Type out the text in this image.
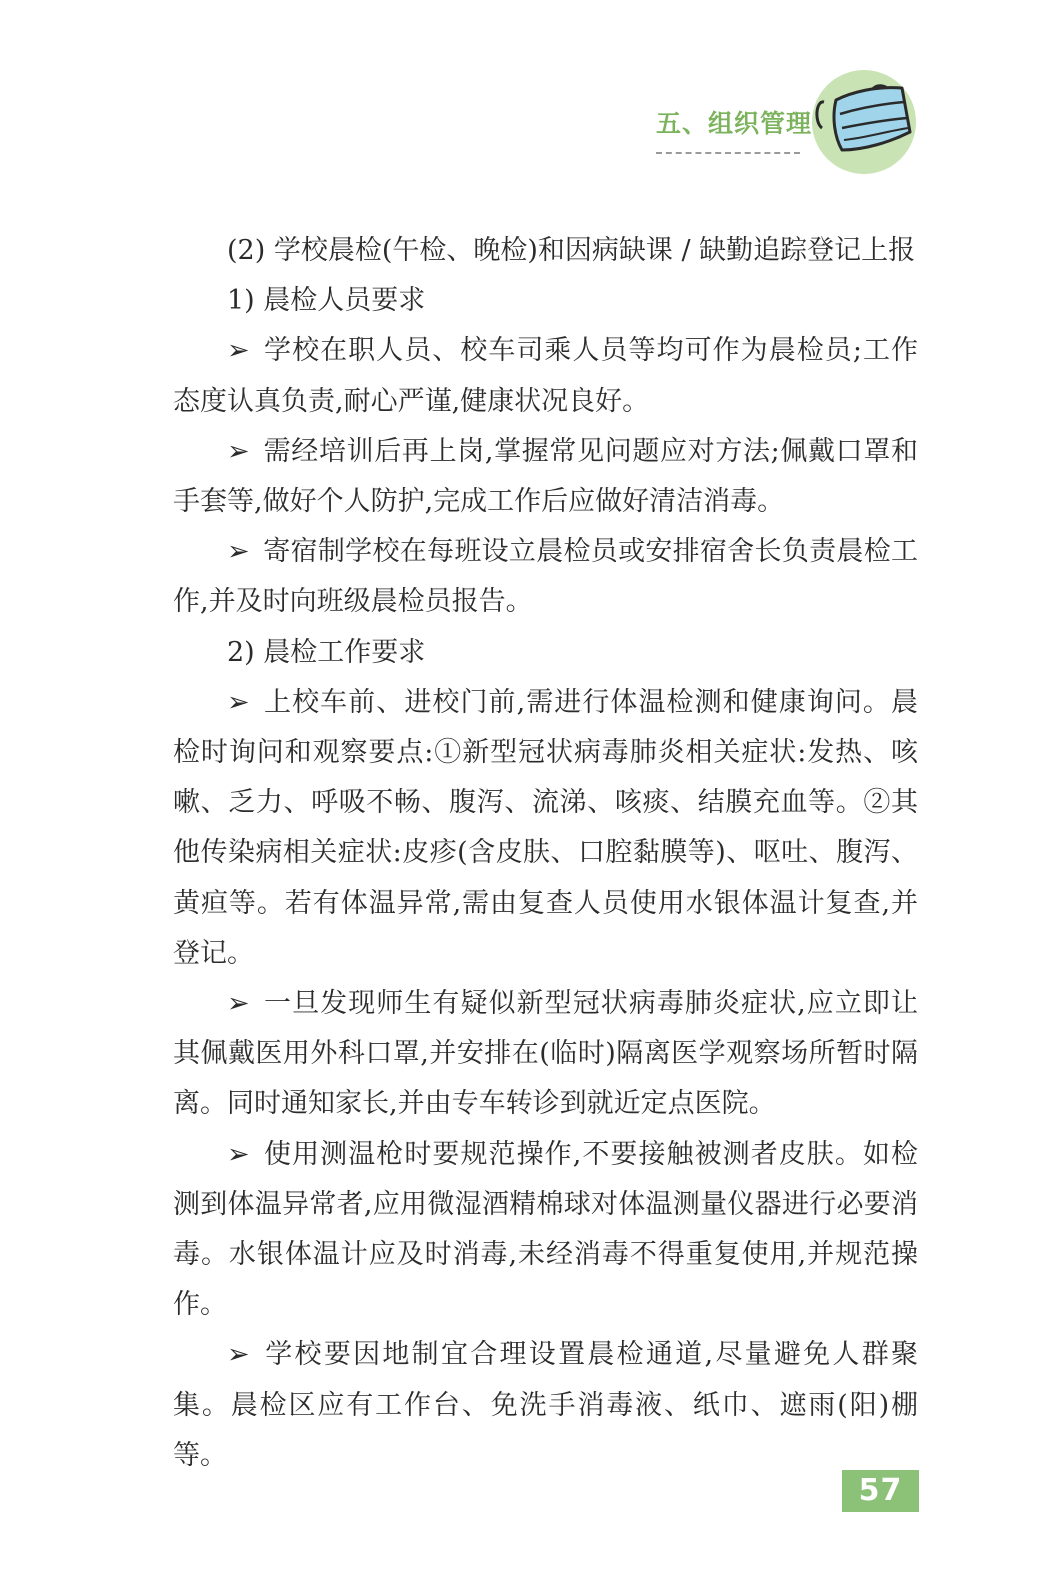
五、组织管理

(2) 学校晨检(午检、晚检)和因病缺课 / 缺勤追踪登记上报

1) 晨检人员要求

➢ 学校在职人员、校车司乘人员等均可作为晨检员;工作态度认真负责,耐心严谨,健康状况良好。

➢ 需经培训后再上岗,掌握常见问题应对方法;佩戴口罩和手套等,做好个人防护,完成工作后应做好清洁消毒。

➢ 寄宿制学校在每班设立晨检员或安排宿舍长负责晨检工作,并及时向班级晨检员报告。

2) 晨检工作要求

➢ 上校车前、进校门前,需进行体温检测和健康询问。晨检时询问和观察要点:①新型冠状病毒肺炎相关症状:发热、咳嗽、乏力、呼吸不畅、腹泻、流涕、咳痰、结膜充血等。②其他传染病相关症状:皮疹(含皮肤、口腔黏膜等)、呕吐、腹泻、黄疸等。若有体温异常,需由复查人员使用水银体温计复查,并登记。

➢ 一旦发现师生有疑似新型冠状病毒肺炎症状,应立即让其佩戴医用外科口罩,并安排在(临时)隔离医学观察场所暂时隔离。同时通知家长,并由专车转诊到就近定点医院。

➢ 使用测温枪时要规范操作,不要接触被测者皮肤。如检测到体温异常者,应用微湿酒精棉球对体温测量仪器进行必要消毒。水银体温计应及时消毒,未经消毒不得重复使用,并规范操作。

➢ 学校要因地制宜合理设置晨检通道,尽量避免人群聚集。晨检区应有工作台、免洗手消毒液、纸巾、遮雨(阳)棚等。

57
